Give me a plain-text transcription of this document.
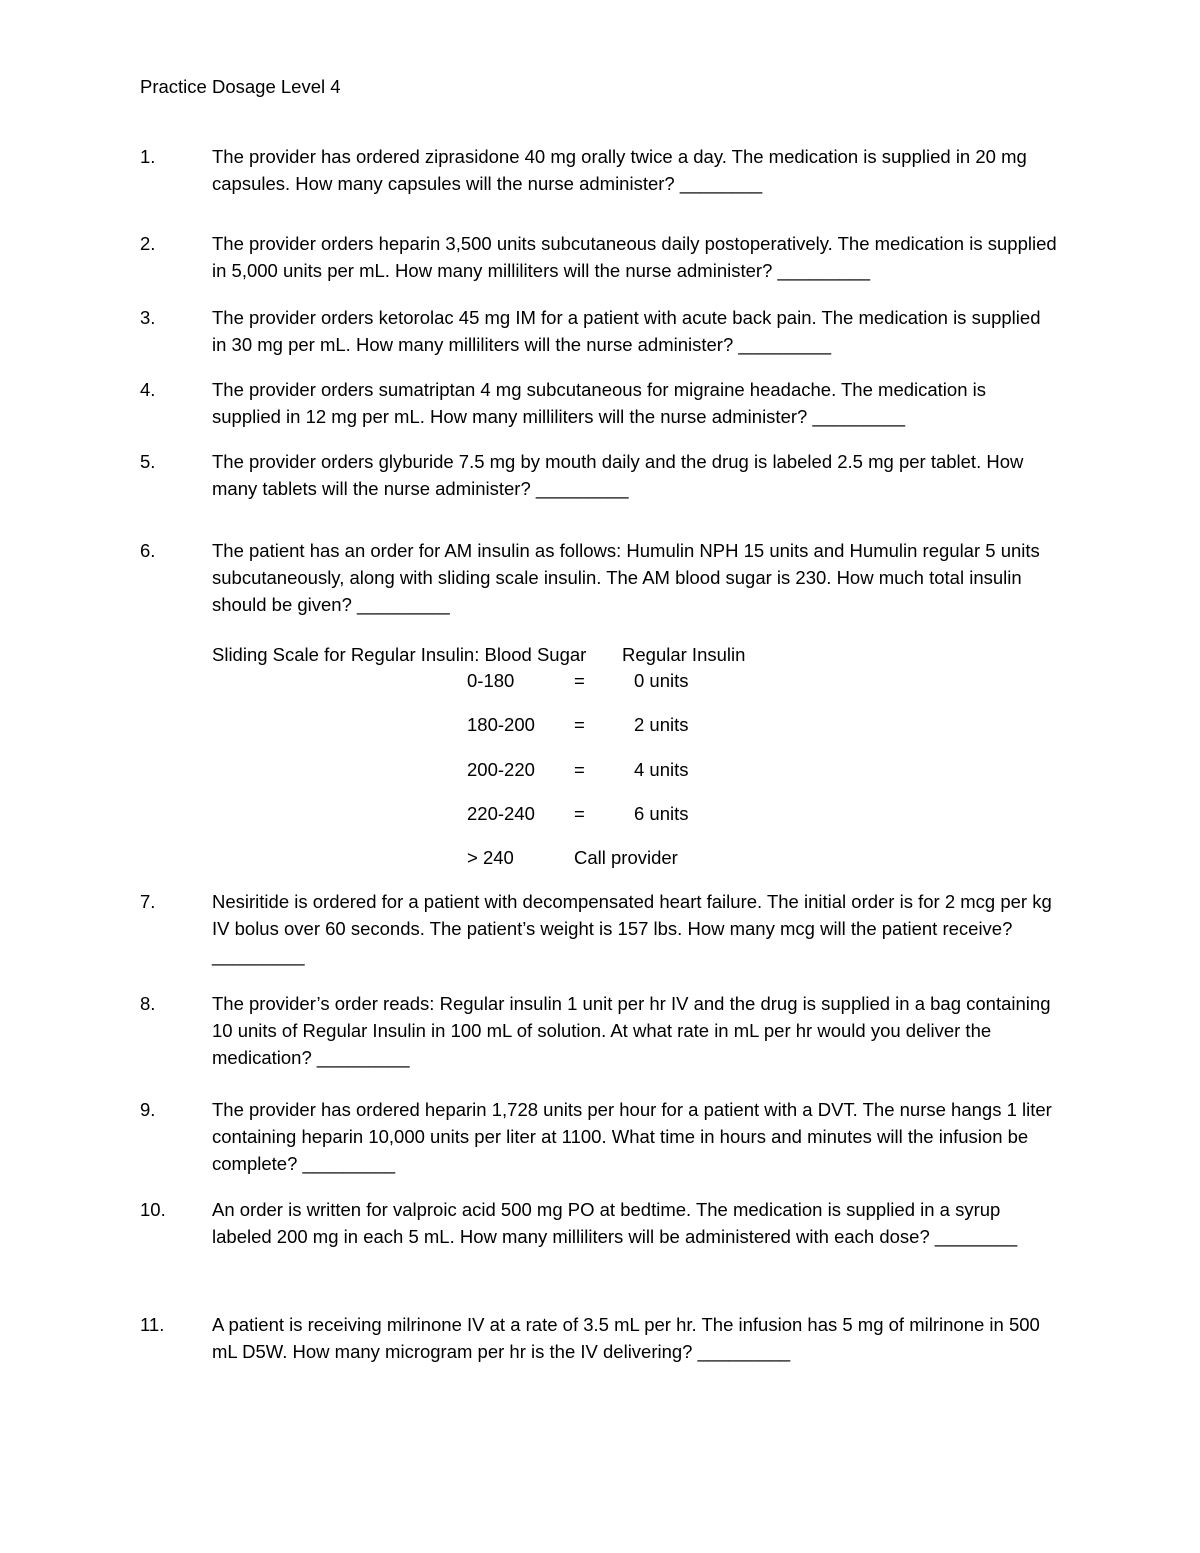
Practice Dosage Level 4
1.	The provider has ordered ziprasidone 40 mg orally twice a day. The medication is supplied in 20 mg capsules. How many capsules will the nurse administer? ________
2.	The provider orders heparin 3,500 units subcutaneous daily postoperatively. The medication is supplied in 5,000 units per mL. How many milliliters will the nurse administer? _________
3.	The provider orders ketorolac 45 mg IM for a patient with acute back pain. The medication is supplied in 30 mg per mL. How many milliliters will the nurse administer? _________
4.	The provider orders sumatriptan 4 mg subcutaneous for migraine headache. The medication is supplied in 12 mg per mL. How many milliliters will the nurse administer? _________
5.	The provider orders glyburide 7.5 mg by mouth daily and the drug is labeled 2.5 mg per tablet. How many tablets will the nurse administer? _________
6.	The patient has an order for AM insulin as follows: Humulin NPH 15 units and Humulin regular 5 units subcutaneously, along with sliding scale insulin. The AM blood sugar is 230. How much total insulin should be given? _________
Sliding Scale for Regular Insulin: Blood Sugar Regular Insulin
0-180	=	0 units
180-200 =	2 units
200-220 =	4 units
220-240 =	6 units
> 240	Call provider
7.	Nesiritide is ordered for a patient with decompensated heart failure. The initial order is for 2 mcg per kg IV bolus over 60 seconds. The patient’s weight is 157 lbs. How many mcg will the patient receive? _________
8.	The provider’s order reads: Regular insulin 1 unit per hr IV and the drug is supplied in a bag containing 10 units of Regular Insulin in 100 mL of solution. At what rate in mL per hr would you deliver the medication? _________
9.	The provider has ordered heparin 1,728 units per hour for a patient with a DVT. The nurse hangs 1 liter containing heparin 10,000 units per liter at 1100. What time in hours and minutes will the infusion be complete? _________
10.	An order is written for valproic acid 500 mg PO at bedtime. The medication is supplied in a syrup labeled 200 mg in each 5 mL. How many milliliters will be administered with each dose? ________
11.	A patient is receiving milrinone IV at a rate of 3.5 mL per hr. The infusion has 5 mg of milrinone in 500 mL D5W. How many microgram per hr is the IV delivering? _________
